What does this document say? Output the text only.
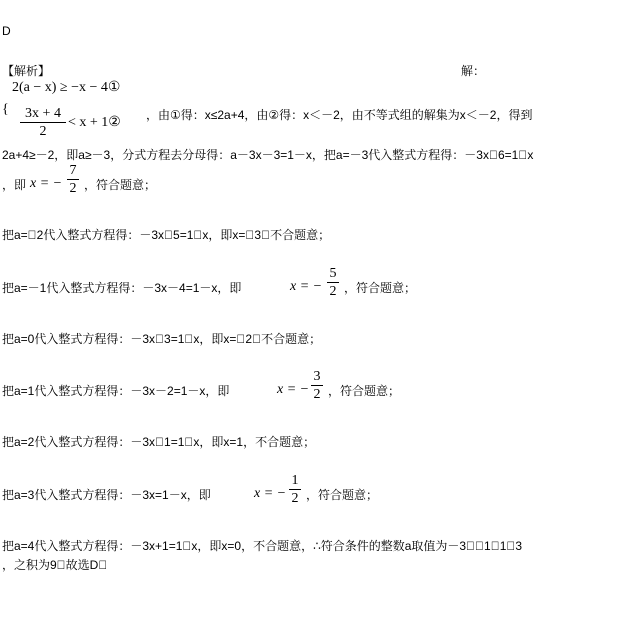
D
【解析】	解：
{
2(a − x) ≥ −x − 4①
3x + 4
2
< x + 1② ，由①得：x≤2a+4，由②得：x＜－2，由不等式组的解集为x＜－2，得到
2a+4≥－2，即a≥－3，分式方程去分母得：a－3x－3=1－x，把a=－3代入整式方程得：－3x￾6=1￾x
，即 x = −
7
2 ，符合题意；
把a=￾2代入整式方程得：－3x￾5=1￾x，即x=￾3，不合题意；
把a=－1代入整式方程得：－3x－4=1－x，即	x = −
5
2 ，符合题意；
把a=0代入整式方程得：－3x￾3=1￾x，即x=￾2，不合题意；
把a=1代入整式方程得：－3x－2=1－x，即	x = −
3
2 ，符合题意；
把a=2代入整式方程得：－3x￾1=1￾x，即x=1，不合题意；
把a=3代入整式方程得：－3x=1－x，即	x = −
1
2 ，符合题意；
把a=4代入整式方程得：－3x+1=1￾x，即x=0，不合题意，∴符合条件的整数a取值为－3￾￾1￾1￾3
，之积为9￾故选D￾
